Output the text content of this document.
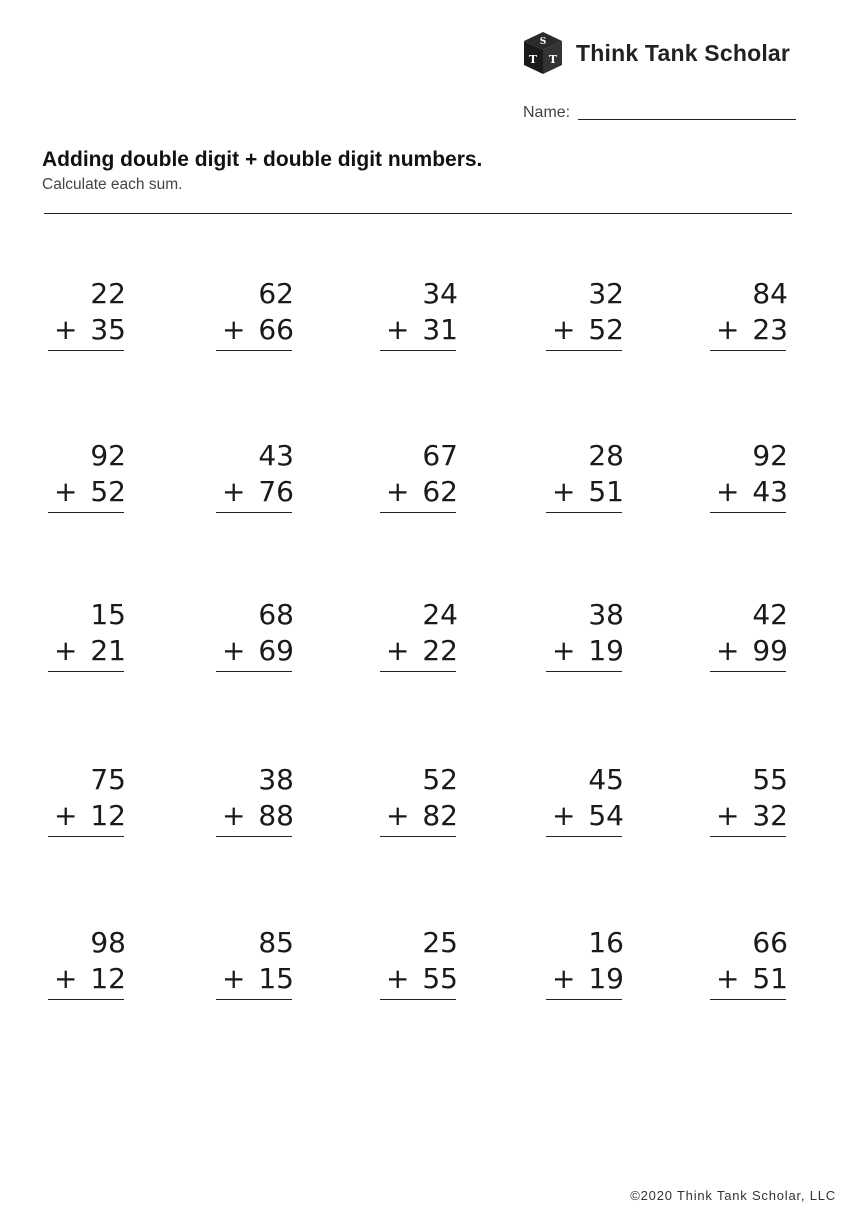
S
T T Think Tank Scholar
Name:
Adding double digit + double digit numbers.

Calculate each sum.

22
+ 35
62
+ 66
34
+ 31
32
+ 52
84
+ 23
92
+ 52
43
+ 76
67
+ 62
28
+ 51
92
+ 43
15
+ 21
68
+ 69
24
+ 22
38
+ 19
42
+ 99
75
+ 12
38
+ 88
52
+ 82
45
+ 54
55
+ 32
98
+ 12
85
+ 15
25
+ 55
16
+ 19
66
+ 51
©2020 Think Tank Scholar, LLC
